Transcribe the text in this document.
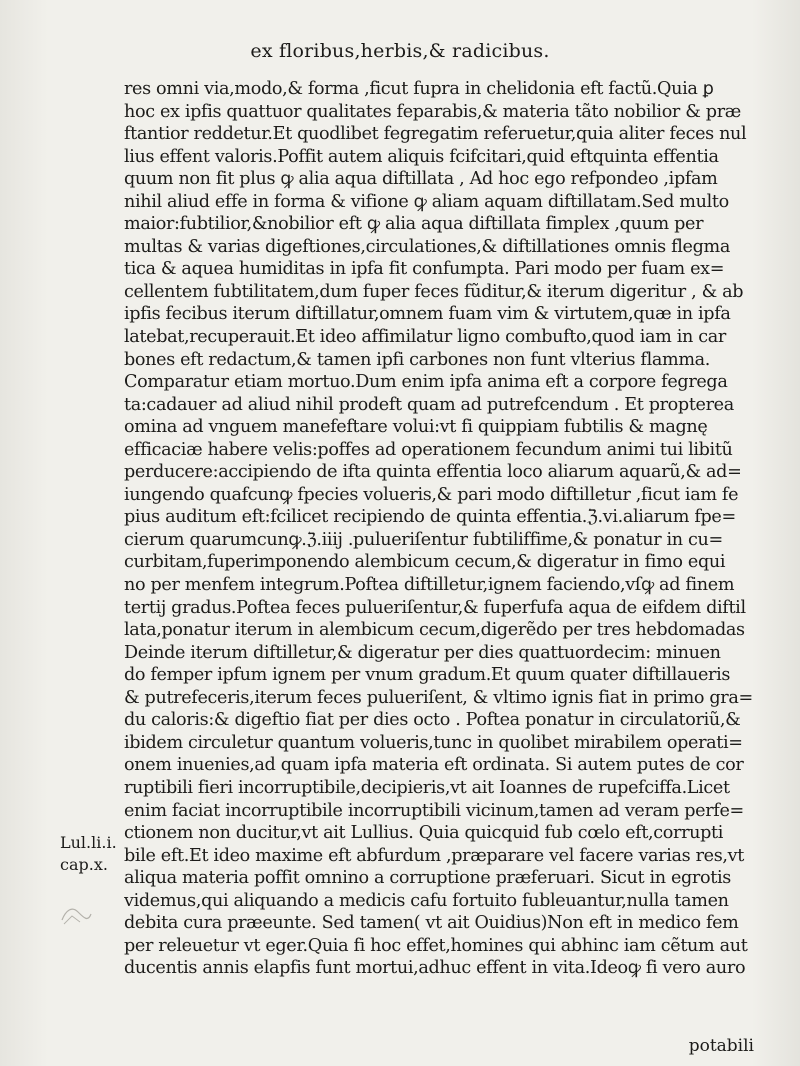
ex floribus,herbis,& radicibus.
res omni via,modo,& forma ,ficut fupra in chelidonia eft factũ.Quia ꝑ
hoc ex ipfis quattuor qualitates feparabis,& materia tãto nobilior & præ
ftantior reddetur.Et quodlibet fegregatim referuetur,quia aliter feces nul
lius effent valoris.Poffit autem aliquis fcifcitari,quid eftquinta effentia
quum non fit plus ꝙ alia aqua diftillata , Ad hoc ego refpondeo ,ipfam
nihil aliud effe in forma & vifione ꝙ aliam aquam diftillatam.Sed multo
maior:fubtilior,&nobilior eft ꝙ alia aqua diftillata fimplex ,quum per
multas & varias digeftiones,circulationes,& diftillationes omnis flegma
tica & aquea humiditas in ipfa fit confumpta. Pari modo per fuam ex=
cellentem fubtilitatem,dum fuper feces fũditur,& iterum digeritur , & ab
ipfis fecibus iterum diftillatur,omnem fuam vim & virtutem,quæ in ipfa
latebat,recuperauit.Et ideo affimilatur ligno combufto,quod iam in car
bones eft redactum,& tamen ipfi carbones non funt vlterius flamma.
Comparatur etiam mortuo.Dum enim ipfa anima eft a corpore fegrega
ta:cadauer ad aliud nihil prodeft quam ad putrefcendum . Et propterea
omina ad vnguem manefeftare volui:vt fi quippiam fubtilis & magnę
efficaciæ habere velis:poffes ad operationem fecundum animi tui libitũ
perducere:accipiendo de ifta quinta effentia loco aliarum aquarũ,& ad=
iungendo quafcunꝙ fpecies volueris,& pari modo diftilletur ,ficut iam fe
pius auditum eft:fcilicet recipiendo de quinta effentia.ℨ.vi.aliarum fpe=
cierum quarumcunꝙ.ℨ.iiij .pulueriſentur fubtiliffime,& ponatur in cu=
curbitam,fuperimponendo alembicum cecum,& digeratur in fimo equi
no per menfem integrum.Poftea diftilletur,ignem faciendo,vſꝙ ad finem
tertij gradus.Poftea feces pulueriſentur,& fuperfufa aqua de eifdem diftil
lata,ponatur iterum in alembicum cecum,digerẽdo per tres hebdomadas
Deinde iterum diftilletur,& digeratur per dies quattuordecim: minuen
do femper ipfum ignem per vnum gradum.Et quum quater diftillaueris
& putrefeceris,iterum feces pulueriſent, & vltimo ignis fiat in primo gra=
du caloris:& digeftio fiat per dies octo . Poftea ponatur in circulatoriũ,&
ibidem circuletur quantum volueris,tunc in quolibet mirabilem operati=
onem inuenies,ad quam ipfa materia eft ordinata. Si autem putes de cor
ruptibili fieri incorruptibile,decipieris,vt ait Ioannes de rupefciffa.Licet
enim faciat incorruptibile incorruptibili vicinum,tamen ad veram perfe=
ctionem non ducitur,vt ait Lullius. Quia quicquid fub cœlo eft,corrupti
bile eft.Et ideo maxime eft abfurdum ,præparare vel facere varias res,vt
aliqua materia poffit omnino a corruptione præferuari. Sicut in egrotis
videmus,qui aliquando a medicis cafu fortuito fubleuantur,nulla tamen
debita cura præeunte. Sed tamen( vt ait Ouidius)Non eft in medico fem
per releuetur vt eger.Quia fi hoc effet,homines qui abhinc iam cẽtum aut
ducentis annis elapfis funt mortui,adhuc effent in vita.Ideoꝙ fi vero auro
Lul.li.i.
cap.x.
potabili
